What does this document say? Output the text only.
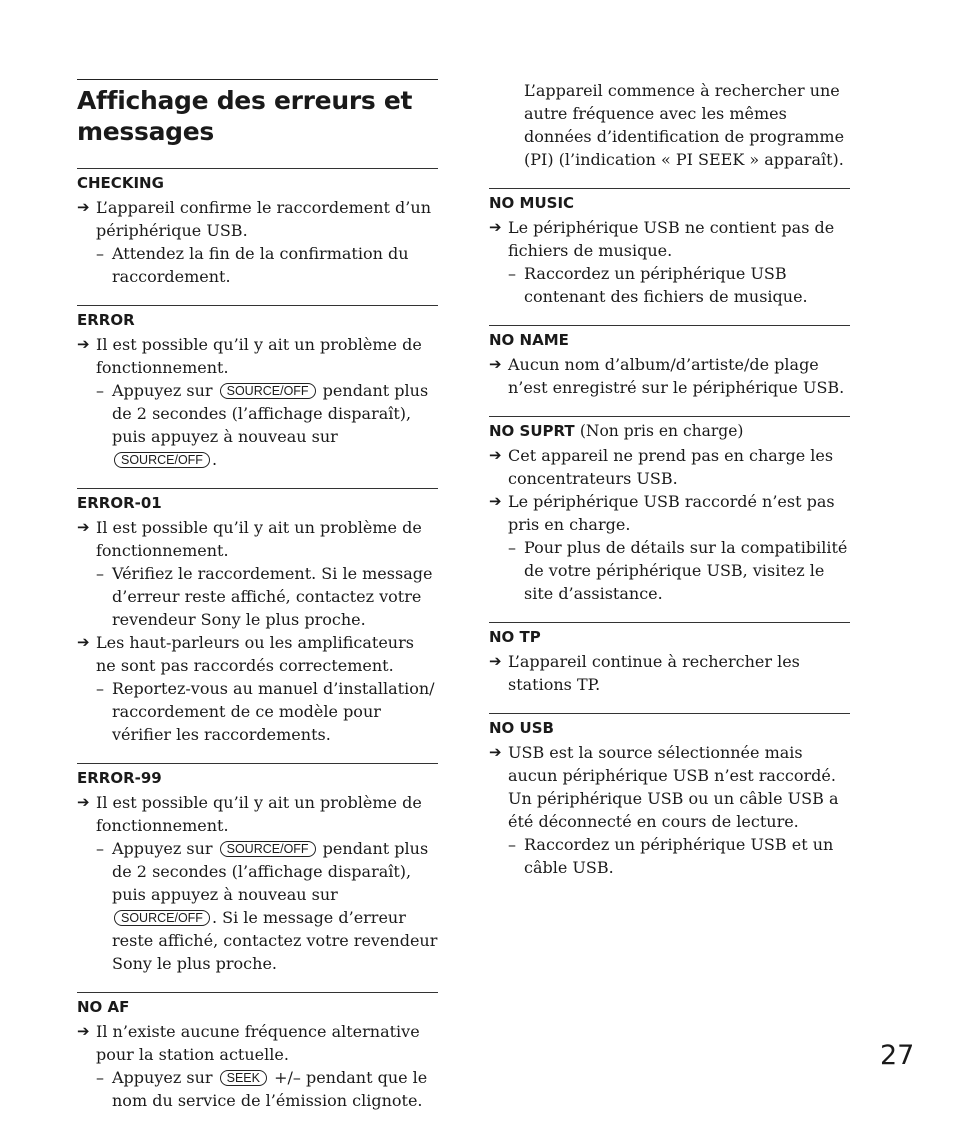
Affichage des erreurs et messages
CHECKING
➔ L’appareil confirme le raccordement d’un périphérique USB.
– Attendez la fin de la confirmation du raccordement.
ERROR
➔ Il est possible qu’il y ait un problème de fonctionnement.
– Appuyez sur SOURCE/OFF pendant plus de 2 secondes (l’affichage disparaît), puis appuyez à nouveau sur SOURCE/OFF .
ERROR-01
➔ Il est possible qu’il y ait un problème de fonctionnement.
– Vérifiez le raccordement. Si le message d’erreur reste affiché, contactez votre revendeur Sony le plus proche.
➔ Les haut-parleurs ou les amplificateurs ne sont pas raccordés correctement.
– Reportez-vous au manuel d’installation/ raccordement de ce modèle pour vérifier les raccordements.
ERROR-99
➔ Il est possible qu’il y ait un problème de fonctionnement.
– Appuyez sur SOURCE/OFF pendant plus de 2 secondes (l’affichage disparaît), puis appuyez à nouveau sur SOURCE/OFF . Si le message d’erreur reste affiché, contactez votre revendeur Sony le plus proche.
NO AF
➔ Il n’existe aucune fréquence alternative pour la station actuelle.
– Appuyez sur SEEK +/– pendant que le nom du service de l’émission clignote.
L’appareil commence à rechercher une autre fréquence avec les mêmes données d’identification de programme (PI) (l’indication « PI SEEK » apparaît).
NO MUSIC
➔ Le périphérique USB ne contient pas de fichiers de musique.
– Raccordez un périphérique USB contenant des fichiers de musique.
NO NAME
➔ Aucun nom d’album/d’artiste/de plage n’est enregistré sur le périphérique USB.
NO SUPRT (Non pris en charge)
➔ Cet appareil ne prend pas en charge les concentrateurs USB.
➔ Le périphérique USB raccordé n’est pas pris en charge.
– Pour plus de détails sur la compatibilité de votre périphérique USB, visitez le site d’assistance.
NO TP
➔ L’appareil continue à rechercher les stations TP.
NO USB
➔ USB est la source sélectionnée mais aucun périphérique USB n’est raccordé. Un périphérique USB ou un câble USB a été déconnecté en cours de lecture.
– Raccordez un périphérique USB et un câble USB.
27
